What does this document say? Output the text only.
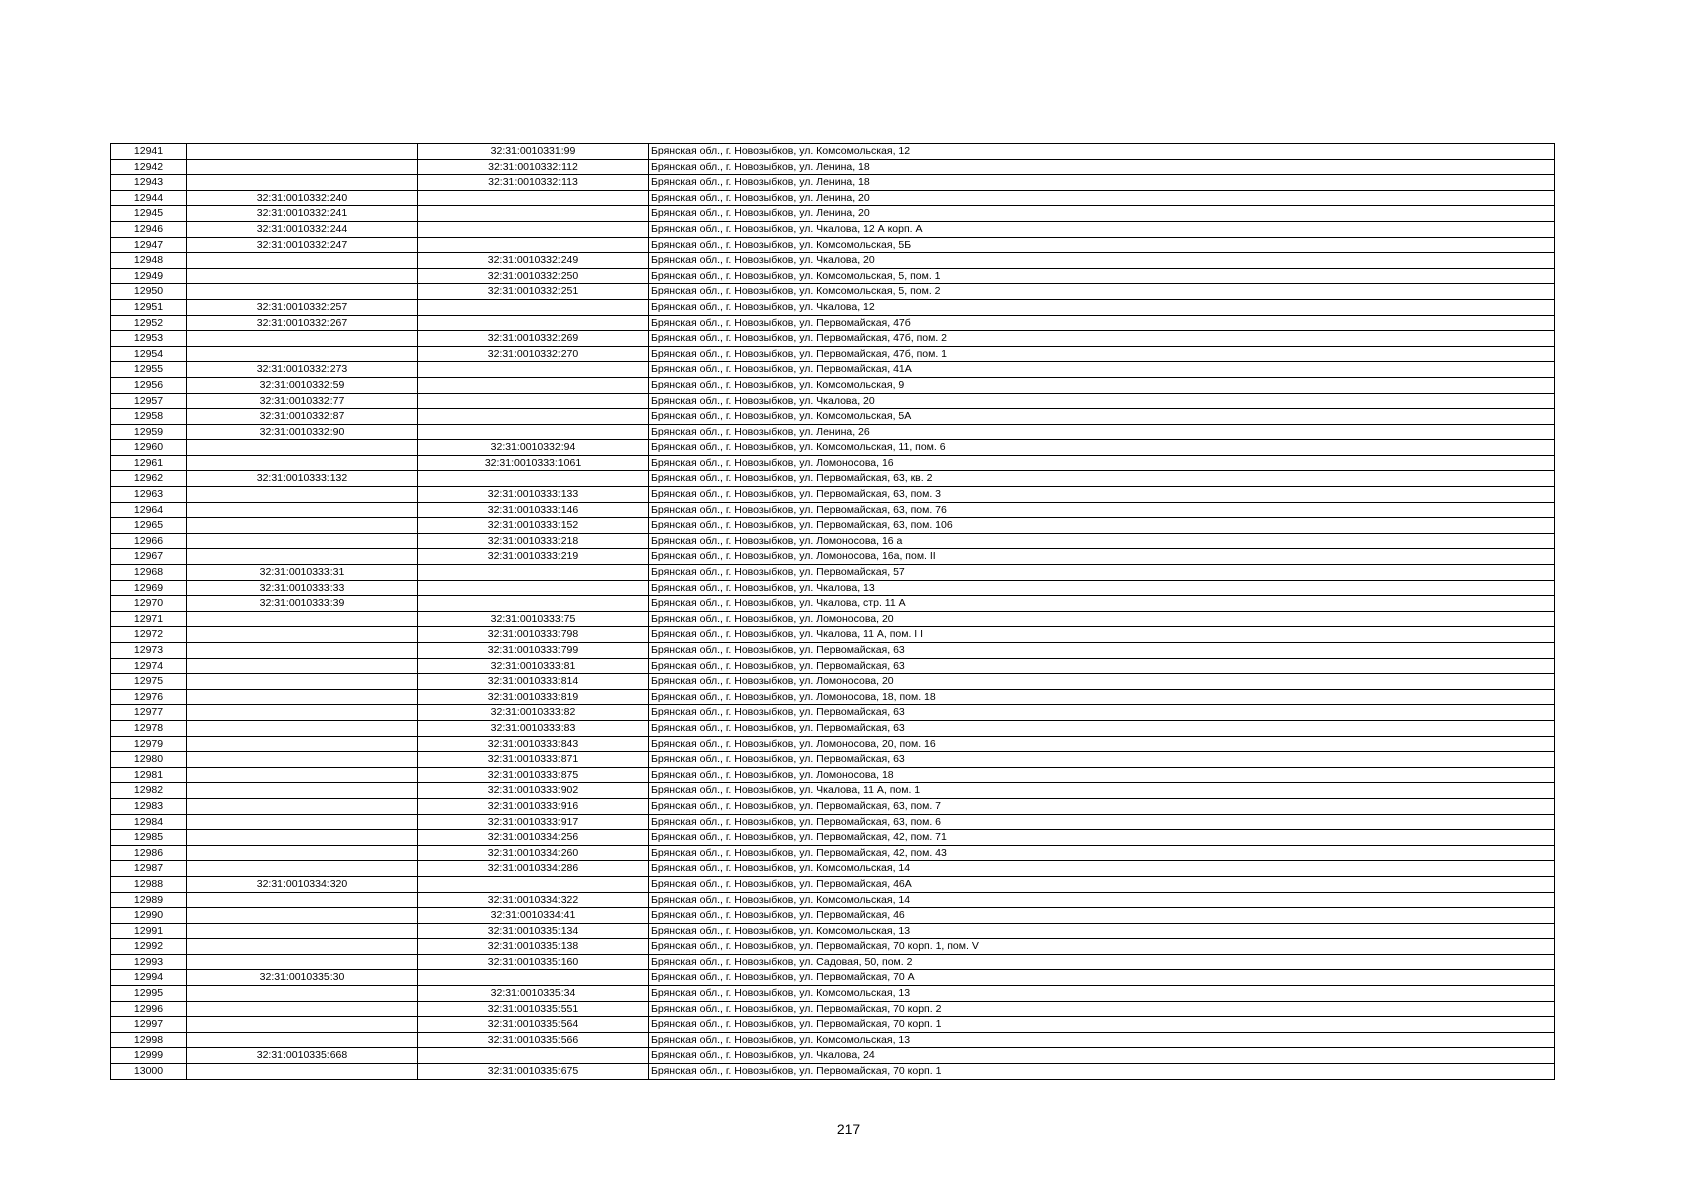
12941		32:31:0010331:99	Брянская обл., г. Новозыбков, ул. Комсомольская, 12
12942		32:31:0010332:112	Брянская обл., г. Новозыбков, ул. Ленина, 18
12943		32:31:0010332:113	Брянская обл., г. Новозыбков, ул. Ленина, 18
12944	32:31:0010332:240		Брянская обл., г. Новозыбков, ул. Ленина, 20
12945	32:31:0010332:241		Брянская обл., г. Новозыбков, ул. Ленина, 20
12946	32:31:0010332:244		Брянская обл., г. Новозыбков, ул. Чкалова, 12 А корп. А
12947	32:31:0010332:247		Брянская обл., г. Новозыбков, ул. Комсомольская, 5Б
12948		32:31:0010332:249	Брянская обл., г. Новозыбков, ул. Чкалова, 20
12949		32:31:0010332:250	Брянская обл., г. Новозыбков, ул. Комсомольская, 5, пом. 1
12950		32:31:0010332:251	Брянская обл., г. Новозыбков, ул. Комсомольская, 5, пом. 2
12951	32:31:0010332:257		Брянская обл., г. Новозыбков, ул. Чкалова, 12
12952	32:31:0010332:267		Брянская обл., г. Новозыбков, ул. Первомайская, 47б
12953		32:31:0010332:269	Брянская обл., г. Новозыбков, ул. Первомайская, 47б, пом. 2
12954		32:31:0010332:270	Брянская обл., г. Новозыбков, ул. Первомайская, 47б, пом. 1
12955	32:31:0010332:273		Брянская обл., г. Новозыбков, ул. Первомайская, 41А
12956	32:31:0010332:59		Брянская обл., г. Новозыбков, ул. Комсомольская, 9
12957	32:31:0010332:77		Брянская обл., г. Новозыбков, ул. Чкалова, 20
12958	32:31:0010332:87		Брянская обл., г. Новозыбков, ул. Комсомольская, 5А
12959	32:31:0010332:90		Брянская обл., г. Новозыбков, ул. Ленина, 26
12960		32:31:0010332:94	Брянская обл., г. Новозыбков, ул. Комсомольская, 11, пом. 6
12961		32:31:0010333:1061	Брянская обл., г. Новозыбков, ул. Ломоносова, 16
12962	32:31:0010333:132		Брянская обл., г. Новозыбков, ул. Первомайская, 63, кв. 2
12963		32:31:0010333:133	Брянская обл., г. Новозыбков, ул. Первомайская, 63, пом. 3
12964		32:31:0010333:146	Брянская обл., г. Новозыбков, ул. Первомайская, 63, пом. 76
12965		32:31:0010333:152	Брянская обл., г. Новозыбков, ул. Первомайская, 63, пом. 106
12966		32:31:0010333:218	Брянская обл., г. Новозыбков, ул. Ломоносова, 16 а
12967		32:31:0010333:219	Брянская обл., г. Новозыбков, ул. Ломоносова, 16а, пом. II
12968	32:31:0010333:31		Брянская обл., г. Новозыбков, ул. Первомайская, 57
12969	32:31:0010333:33		Брянская обл., г. Новозыбков, ул. Чкалова, 13
12970	32:31:0010333:39		Брянская обл., г. Новозыбков, ул. Чкалова, стр. 11 А
12971		32:31:0010333:75	Брянская обл., г. Новозыбков, ул. Ломоносова, 20
12972		32:31:0010333:798	Брянская обл., г. Новозыбков, ул. Чкалова, 11 А, пом. I I
12973		32:31:0010333:799	Брянская обл., г. Новозыбков, ул. Первомайская, 63
12974		32:31:0010333:81	Брянская обл., г. Новозыбков, ул. Первомайская, 63
12975		32:31:0010333:814	Брянская обл., г. Новозыбков, ул. Ломоносова, 20
12976		32:31:0010333:819	Брянская обл., г. Новозыбков, ул. Ломоносова, 18, пом. 18
12977		32:31:0010333:82	Брянская обл., г. Новозыбков, ул. Первомайская, 63
12978		32:31:0010333:83	Брянская обл., г. Новозыбков, ул. Первомайская, 63
12979		32:31:0010333:843	Брянская обл., г. Новозыбков, ул. Ломоносова, 20, пом. 16
12980		32:31:0010333:871	Брянская обл., г. Новозыбков, ул. Первомайская, 63
12981		32:31:0010333:875	Брянская обл., г. Новозыбков, ул. Ломоносова, 18
12982		32:31:0010333:902	Брянская обл., г. Новозыбков, ул. Чкалова, 11 А, пом. 1
12983		32:31:0010333:916	Брянская обл., г. Новозыбков, ул. Первомайская, 63, пом. 7
12984		32:31:0010333:917	Брянская обл., г. Новозыбков, ул. Первомайская, 63, пом. 6
12985		32:31:0010334:256	Брянская обл., г. Новозыбков, ул. Первомайская, 42, пом. 71
12986		32:31:0010334:260	Брянская обл., г. Новозыбков, ул. Первомайская, 42, пом. 43
12987		32:31:0010334:286	Брянская обл., г. Новозыбков, ул. Комсомольская, 14
12988	32:31:0010334:320		Брянская обл., г. Новозыбков, ул. Первомайская, 46А
12989		32:31:0010334:322	Брянская обл., г. Новозыбков, ул. Комсомольская, 14
12990		32:31:0010334:41	Брянская обл., г. Новозыбков, ул. Первомайская, 46
12991		32:31:0010335:134	Брянская обл., г. Новозыбков, ул. Комсомольская, 13
12992		32:31:0010335:138	Брянская обл., г. Новозыбков, ул. Первомайская, 70 корп. 1, пом. V
12993		32:31:0010335:160	Брянская обл., г. Новозыбков, ул. Садовая, 50, пом. 2
12994	32:31:0010335:30		Брянская обл., г. Новозыбков, ул. Первомайская, 70 А
12995		32:31:0010335:34	Брянская обл., г. Новозыбков, ул. Комсомольская, 13
12996		32:31:0010335:551	Брянская обл., г. Новозыбков, ул. Первомайская, 70 корп. 2
12997		32:31:0010335:564	Брянская обл., г. Новозыбков, ул. Первомайская, 70 корп. 1
12998		32:31:0010335:566	Брянская обл., г. Новозыбков, ул. Комсомольская, 13
12999	32:31:0010335:668		Брянская обл., г. Новозыбков, ул. Чкалова, 24
13000		32:31:0010335:675	Брянская обл., г. Новозыбков, ул. Первомайская, 70 корп. 1
217
